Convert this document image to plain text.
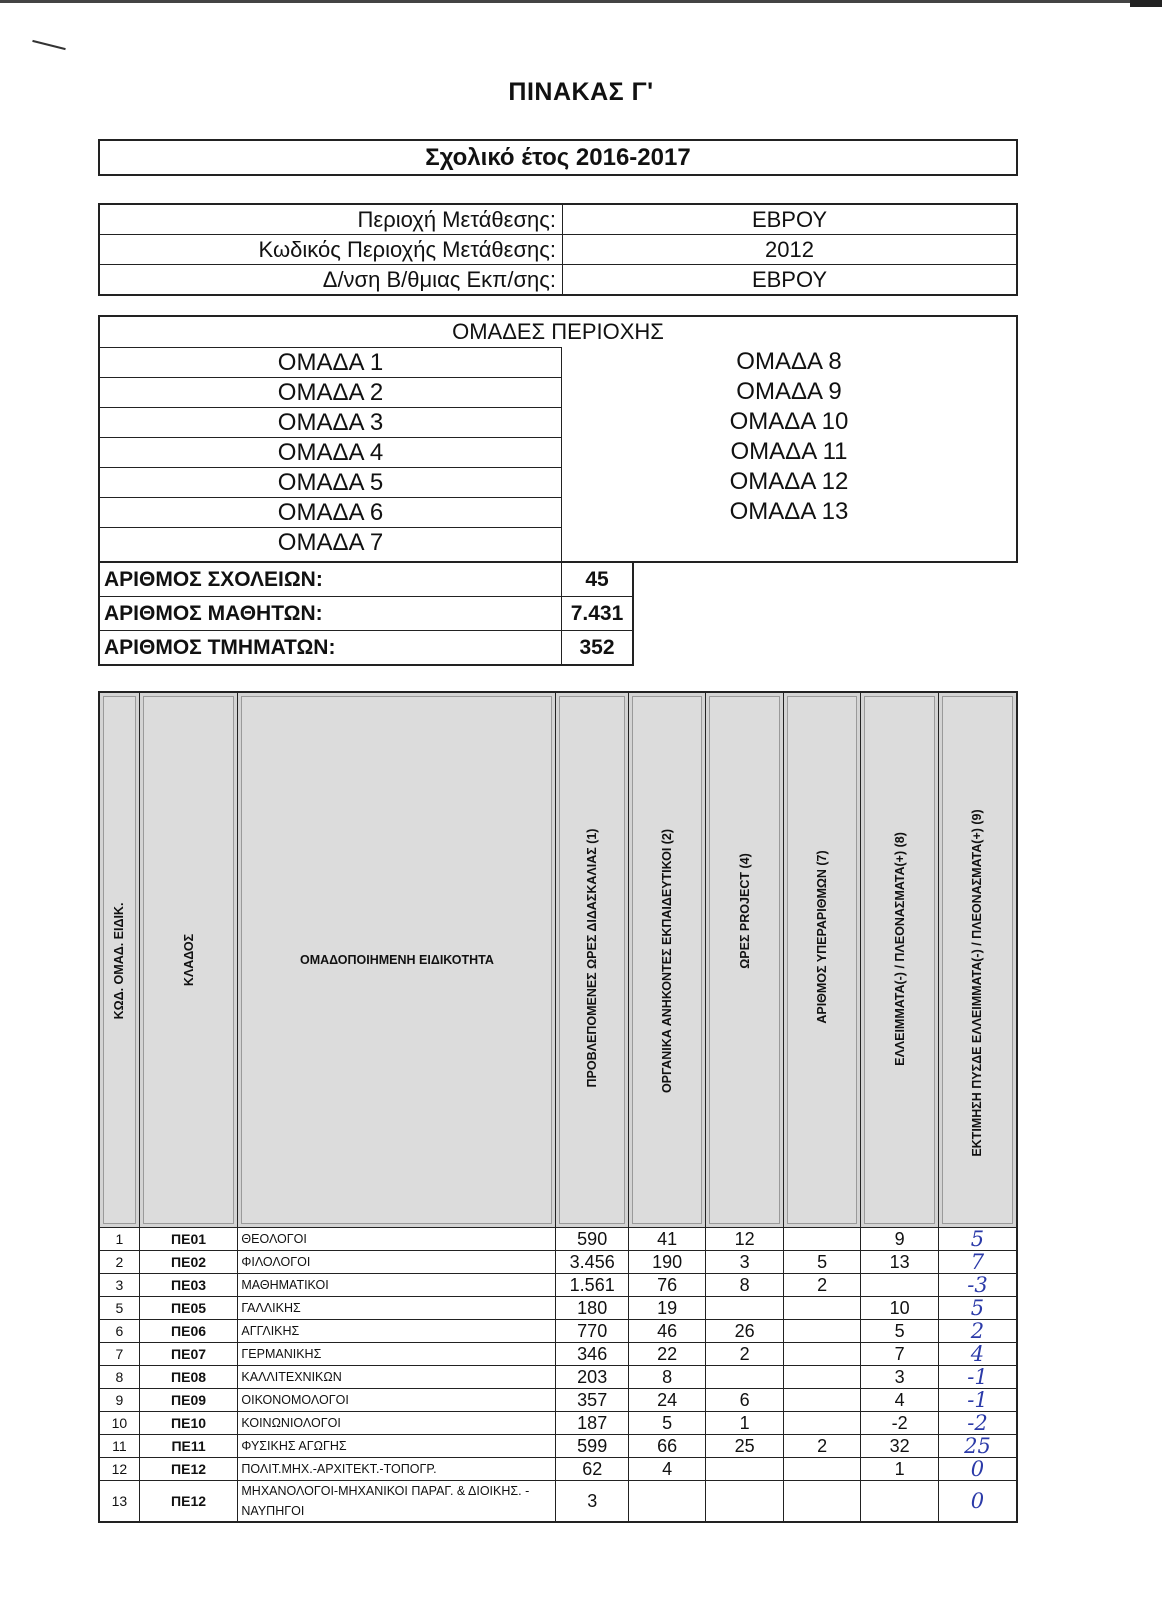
ΠΙΝΑΚΑΣ Γ'
Σχολικό έτος 2016-2017
Περιοχή Μετάθεσης:	ΕΒΡΟΥ
Κωδικός Περιοχής Μετάθεσης:	2012
Δ/νση Β/θμιας Εκπ/σης:	ΕΒΡΟΥ
ΟΜΑΔΕΣ ΠΕΡΙΟΧΗΣ
ΟΜΑΔΑ 1
ΟΜΑΔΑ 2
ΟΜΑΔΑ 3
ΟΜΑΔΑ 4
ΟΜΑΔΑ 5
ΟΜΑΔΑ 6
ΟΜΑΔΑ 7
ΟΜΑΔΑ 8
ΟΜΑΔΑ 9
ΟΜΑΔΑ 10
ΟΜΑΔΑ 11
ΟΜΑΔΑ 12
ΟΜΑΔΑ 13
ΑΡΙΘΜΟΣ ΣΧΟΛΕΙΩΝ:	45
ΑΡΙΘΜΟΣ ΜΑΘΗΤΩΝ:	7.431
ΑΡΙΘΜΟΣ ΤΜΗΜΑΤΩΝ:	352
ΚΩΔ. ΟΜΑΔ. ΕΙΔΙΚ.	ΚΛΑΔΟΣ	ΟΜΑΔΟΠΟΙΗΜΕΝΗ ΕΙΔΙΚΟΤΗΤΑ	ΠΡΟΒΛΕΠΟΜΕΝΕΣ ΩΡΕΣ ΔΙΔΑΣΚΑΛΙΑΣ (1)	ΟΡΓΑΝΙΚΑ ΑΝΗΚΟΝΤΕΣ ΕΚΠΑΙΔΕΥΤΙΚΟΙ (2)	ΩΡΕΣ PROJECT (4)	ΑΡΙΘΜΟΣ ΥΠΕΡΑΡΙΘΜΩΝ (7)	ΕΛΛΕΙΜΜΑΤΑ(-) / ΠΛΕΟΝΑΣΜΑΤΑ(+) (8)	ΕΚΤΙΜΗΣΗ ΠΥΣΔΕ ΕΛΛΕΙΜΜΑΤΑ(-) / ΠΛΕΟΝΑΣΜΑΤΑ(+) (9)

1	ΠΕ01	ΘΕΟΛΟΓΟΙ	590	41	12		9	5
2	ΠΕ02	ΦΙΛΟΛΟΓΟΙ	3.456	190	3	5	13	7
3	ΠΕ03	ΜΑΘΗΜΑΤΙΚΟΙ	1.561	76	8	2		-3
5	ΠΕ05	ΓΑΛΛΙΚΗΣ	180	19			10	5
6	ΠΕ06	ΑΓΓΛΙΚΗΣ	770	46	26		5	2
7	ΠΕ07	ΓΕΡΜΑΝΙΚΗΣ	346	22	2		7	4
8	ΠΕ08	ΚΑΛΛΙΤΕΧΝΙΚΩΝ	203	8			3	-1
9	ΠΕ09	ΟΙΚΟΝΟΜΟΛΟΓΟΙ	357	24	6		4	-1
10	ΠΕ10	ΚΟΙΝΩΝΙΟΛΟΓΟΙ	187	5	1		-2	-2
11	ΠΕ11	ΦΥΣΙΚΗΣ ΑΓΩΓΗΣ	599	66	25	2	32	25
12	ΠΕ12	ΠΟΛΙΤ.ΜΗΧ.-ΑΡΧΙΤΕΚΤ.-ΤΟΠΟΓΡ.	62	4			1	0
13	ΠΕ12	ΜΗΧΑΝΟΛΟΓΟΙ-ΜΗΧΑΝΙΚΟΙ ΠΑΡΑΓ. & ΔΙΟΙΚΗΣ. - ΝΑΥΠΗΓΟΙ	3					0
